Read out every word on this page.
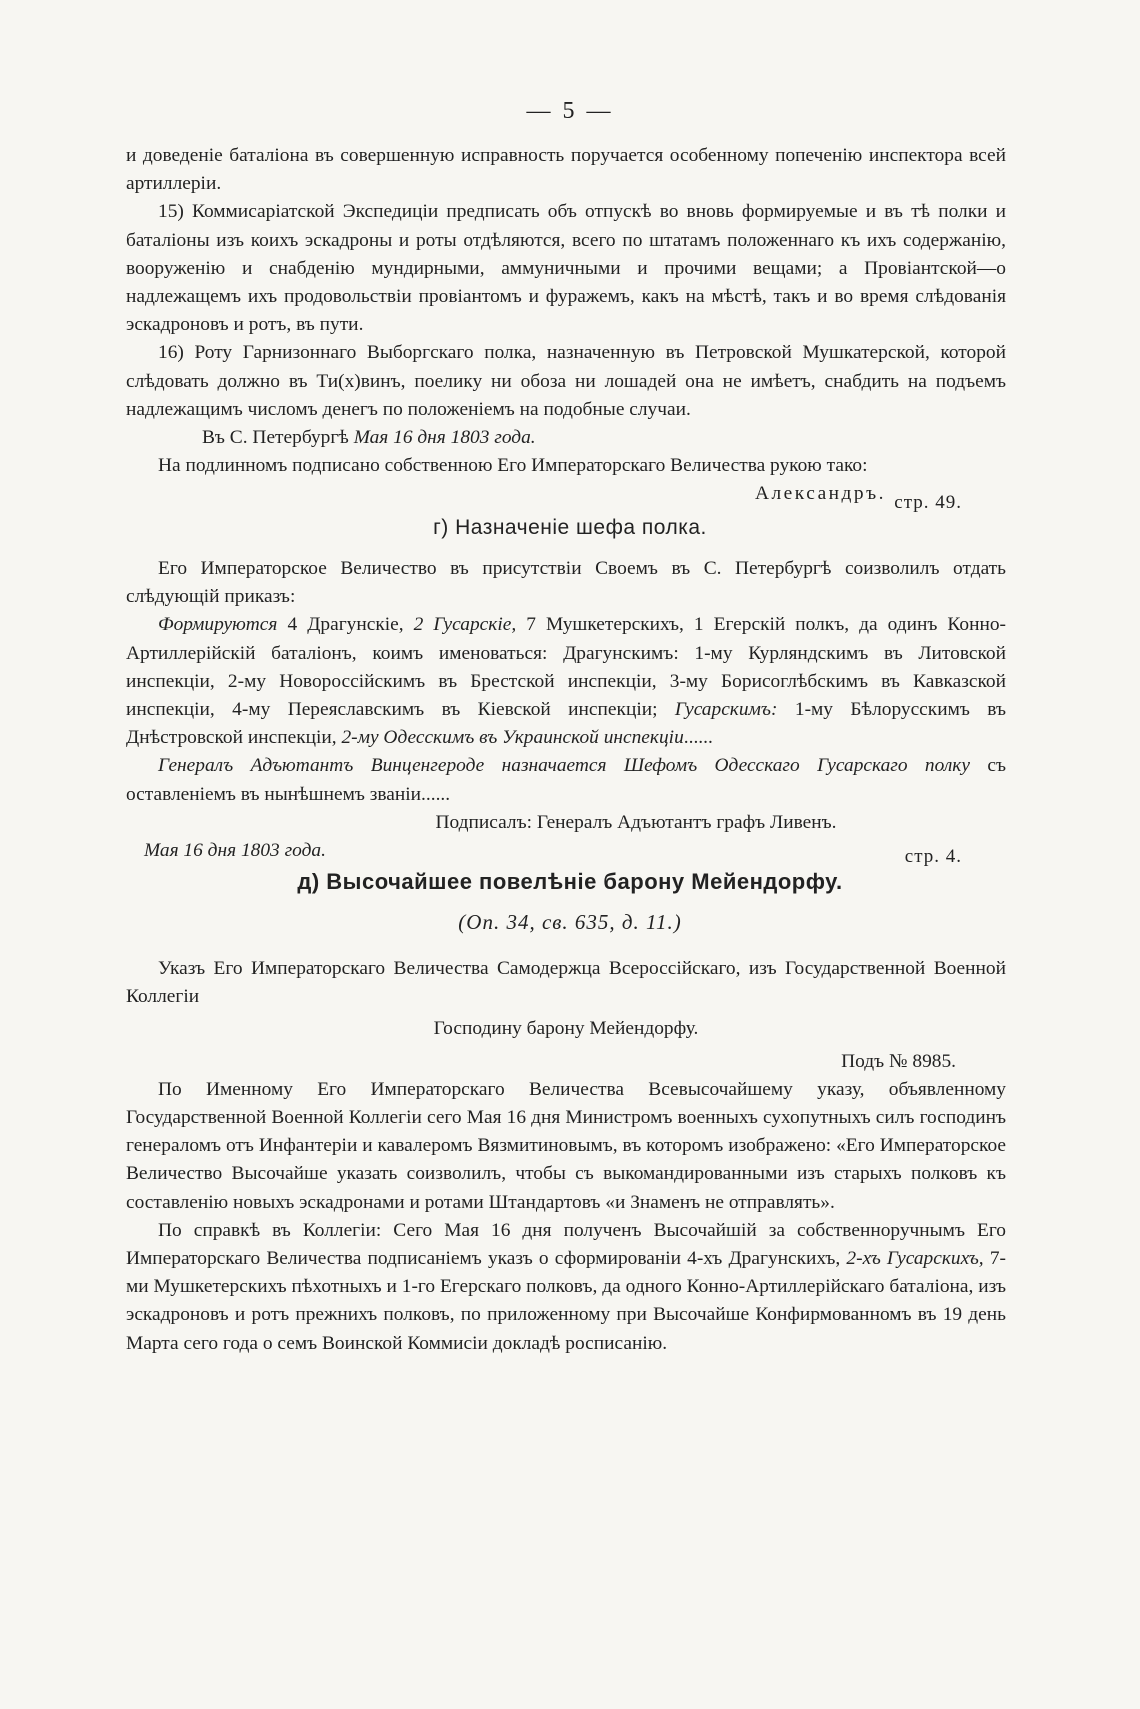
— 5 —

и доведеніе баталіона въ совершенную исправность поручается особенному попеченію инспектора всей артиллеріи.

15) Коммисаріатской Экспедиціи предписать объ отпускѣ во вновь формируемые и въ тѣ полки и баталіоны изъ коихъ эскадроны и роты отдѣляются, всего по штатамъ положеннаго къ ихъ содержанію, вооруженію и снабденію мундирными, аммуничными и прочими вещами; а Провіантской—о надлежащемъ ихъ продовольствіи провіантомъ и фуражемъ, какъ на мѣстѣ, такъ и во время слѣдованія эскадроновъ и ротъ, въ пути.

16) Роту Гарнизоннаго Выборгскаго полка, назначенную въ Петровской Мушкатерской, которой слѣдовать должно въ Ти(х)винъ, поелику ни обоза ни лошадей она не имѣетъ, снабдить на подъемъ надлежащимъ числомъ денегъ по положеніемъ на подобные случаи.

Въ С. Петербургѣ Мая 16 дня 1803 года.

На подлинномъ подписано собственною Его Императорскаго Величества рукою тако:

Александръ. стр. 49.
г) Назначеніе шефа полка.

Его Императорское Величество въ присутствіи Своемъ въ С. Петербургѣ соизволилъ отдать слѣдующій приказъ:

Формируются 4 Драгунскіе, 2 Гусарскіе, 7 Мушкетерскихъ, 1 Егерскій полкъ, да одинъ Конно-Артиллерійскій баталіонъ, коимъ именоваться: Драгунскимъ: 1-му Курляндскимъ въ Литовской инспекціи, 2-му Новороссійскимъ въ Брестской инспекціи, 3-му Борисоглѣбскимъ въ Кавказской инспекціи, 4-му Переяславскимъ въ Кіевской инспекціи; Гусарскимъ: 1-му Бѣлорусскимъ въ Днѣстровской инспекціи, 2-му Одесскимъ въ Украинской инспекціи......

Генералъ Адъютантъ Винценгероде назначается Шефомъ Одесскаго Гусарскаго полку съ оставленіемъ въ нынѣшнемъ званіи......

Подписалъ: Генералъ Адъютантъ графъ Ливенъ.

Мая 16 дня 1803 года.	стр. 4.
д) Высочайшее повелѣніе барону Мейендорфу.
(Оп. 34, св. 635, д. 11.)

Указъ Его Императорскаго Величества Самодержца Всероссійскаго, изъ Государственной Военной Коллегіи

Господину барону Мейендорфу.

Подъ № 8985.

По Именному Его Императорскаго Величества Всевысочайшему указу, объявленному Государственной Военной Коллегіи сего Мая 16 дня Министромъ военныхъ сухопутныхъ силъ господинъ генераломъ отъ Инфантеріи и кавалеромъ Вязмитиновымъ, въ которомъ изображено: «Его Императорское Величество Высочайше указать соизволилъ, чтобы съ выкомандированными изъ старыхъ полковъ къ составленію новыхъ эскадронами и ротами Штандартовъ «и Знаменъ не отправлять».

По справкѣ въ Коллегіи: Сего Мая 16 дня полученъ Высочайшій за собственноручнымъ Его Императорскаго Величества подписаніемъ указъ о сформированіи 4-хъ Драгунскихъ, 2-хъ Гусарскихъ, 7-ми Мушкетерскихъ пѣхотныхъ и 1-го Егерскаго полковъ, да одного Конно-Артиллерійскаго баталіона, изъ эскадроновъ и ротъ прежнихъ полковъ, по приложенному при Высочайше Конфирмованномъ въ 19 день Марта сего года о семъ Воинской Коммисіи докладѣ росписанію.
